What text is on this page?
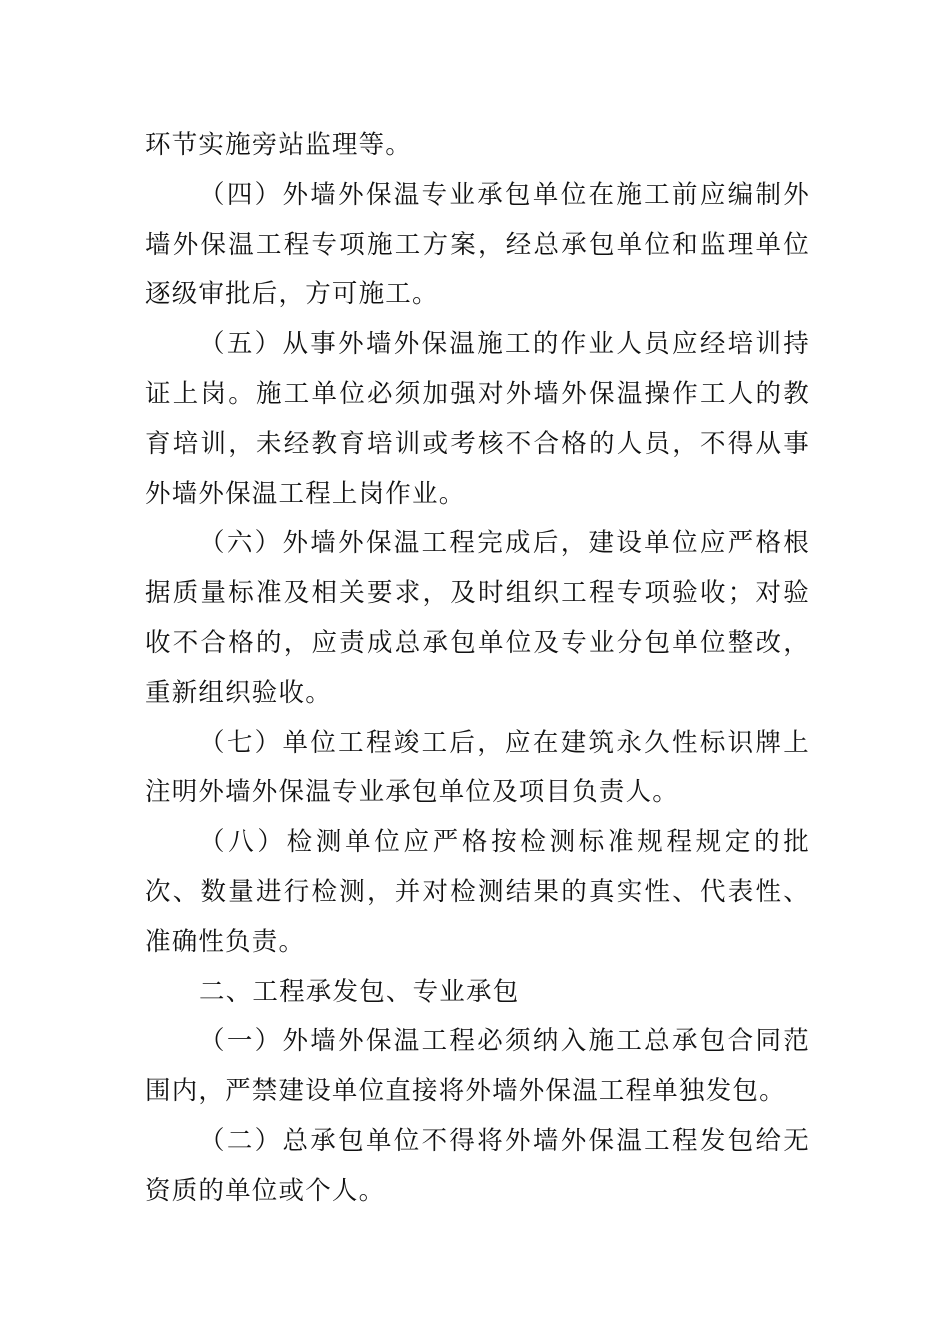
环节实施旁站监理等。

（四）外墙外保温专业承包单位在施工前应编制外墙外保温工程专项施工方案，经总承包单位和监理单位逐级审批后，方可施工。

（五）从事外墙外保温施工的作业人员应经培训持证上岗。施工单位必须加强对外墙外保温操作工人的教育培训，未经教育培训或考核不合格的人员，不得从事外墙外保温工程上岗作业。

（六）外墙外保温工程完成后，建设单位应严格根据质量标准及相关要求，及时组织工程专项验收；对验收不合格的，应责成总承包单位及专业分包单位整改，重新组织验收。

（七）单位工程竣工后，应在建筑永久性标识牌上注明外墙外保温专业承包单位及项目负责人。

（八）检测单位应严格按检测标准规程规定的批次、数量进行检测，并对检测结果的真实性、代表性、准确性负责。

二、工程承发包、专业承包

（一）外墙外保温工程必须纳入施工总承包合同范围内，严禁建设单位直接将外墙外保温工程单独发包。

（二）总承包单位不得将外墙外保温工程发包给无资质的单位或个人。
